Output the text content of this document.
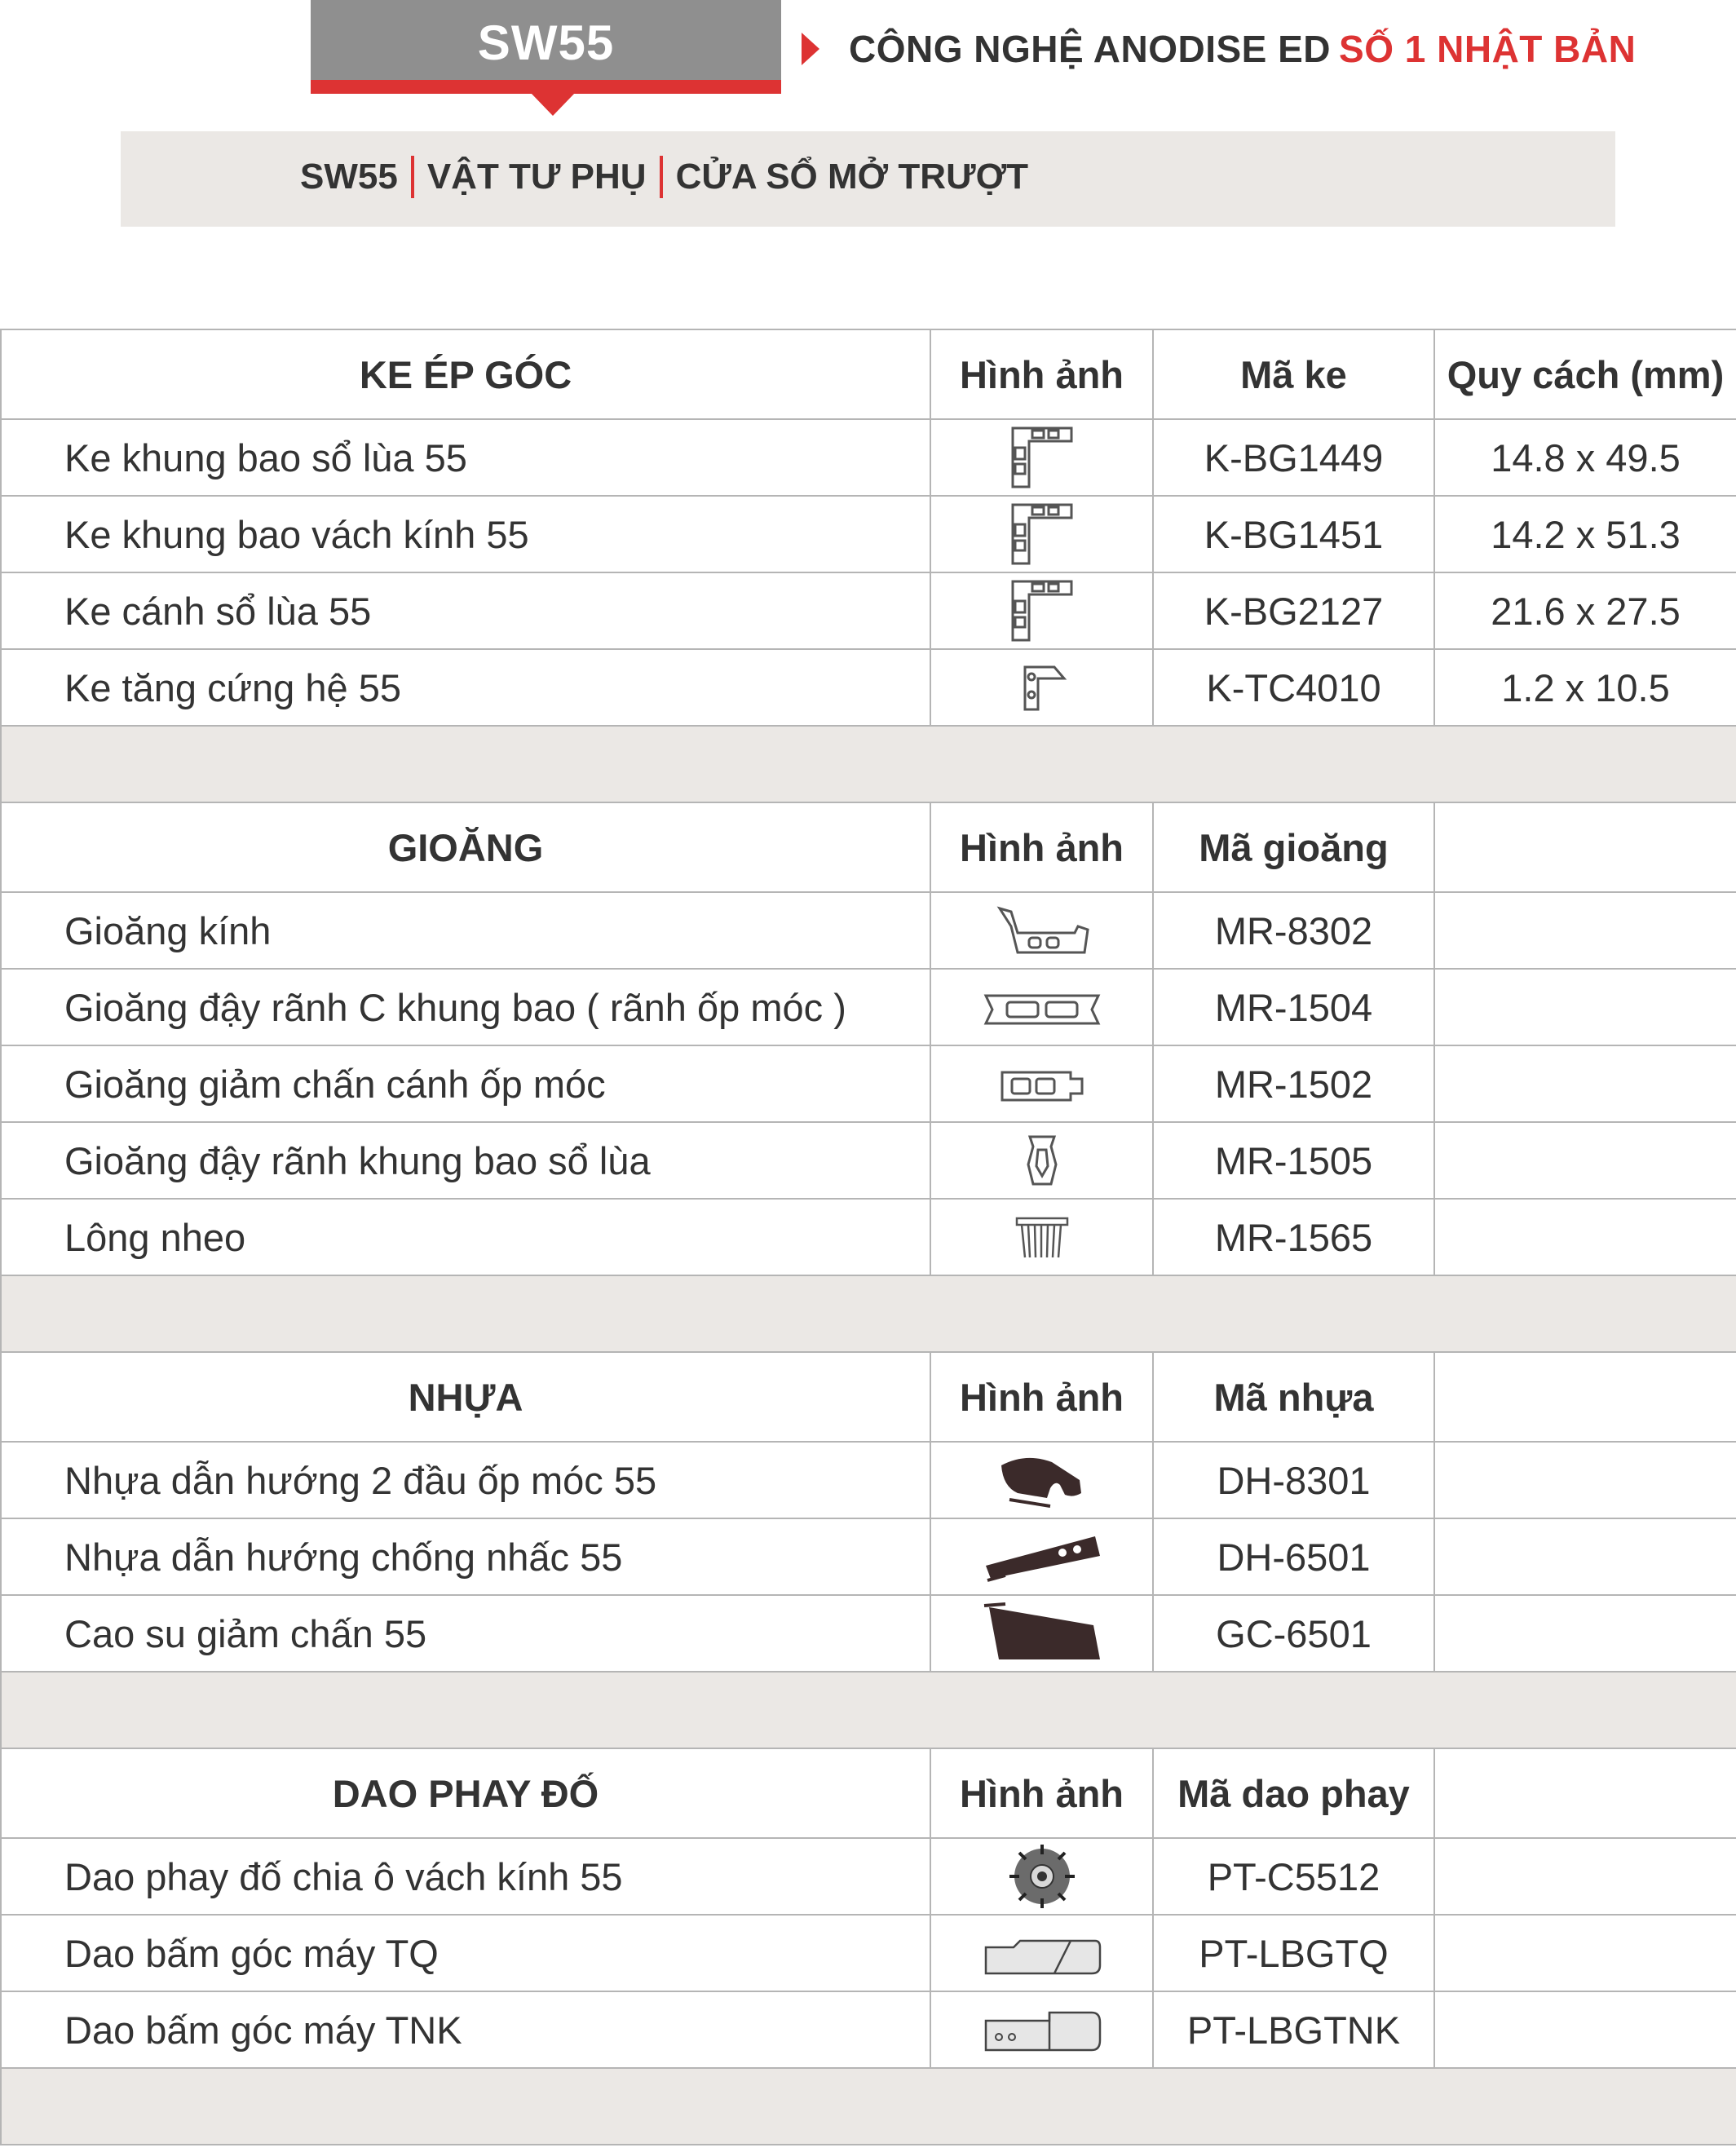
SW55	CÔNG NGHỆ ANODISE ED SỐ 1 NHẬT BẢN
SW55 VẬT TƯ PHỤ CỬA SỔ MỞ TRƯỢT
KE ÉP GÓC	Hình ảnh	Mã ke	Quy cách (mm)
Ke khung bao sổ lùa 55		K-BG1449	14.8 x 49.5
Ke khung bao vách kính 55		K-BG1451	14.2 x 51.3
Ke cánh sổ lùa 55		K-BG2127	21.6 x 27.5
Ke tăng cứng hệ 55		K-TC4010	1.2 x 10.5

GIOĂNG	Hình ảnh	Mã gioăng	
Gioăng kính		MR-8302	
Gioăng đậy rãnh C khung bao ( rãnh ốp móc )		MR-1504	
Gioăng giảm chấn cánh ốp móc		MR-1502	
Gioăng đậy rãnh khung bao sổ lùa		MR-1505	
Lông nheo		MR-1565	

NHỰA	Hình ảnh	Mã nhựa	
Nhựa dẫn hướng 2 đầu ốp móc 55		DH-8301	
Nhựa dẫn hướng chống nhấc 55		DH-6501	
Cao su giảm chấn 55		GC-6501	

DAO PHAY ĐỐ	Hình ảnh	Mã dao phay	
Dao phay đố chia ô vách kính 55		PT-C5512	
Dao bấm góc máy TQ		PT-LBGTQ	
Dao bấm góc máy TNK		PT-LBGTNK	
